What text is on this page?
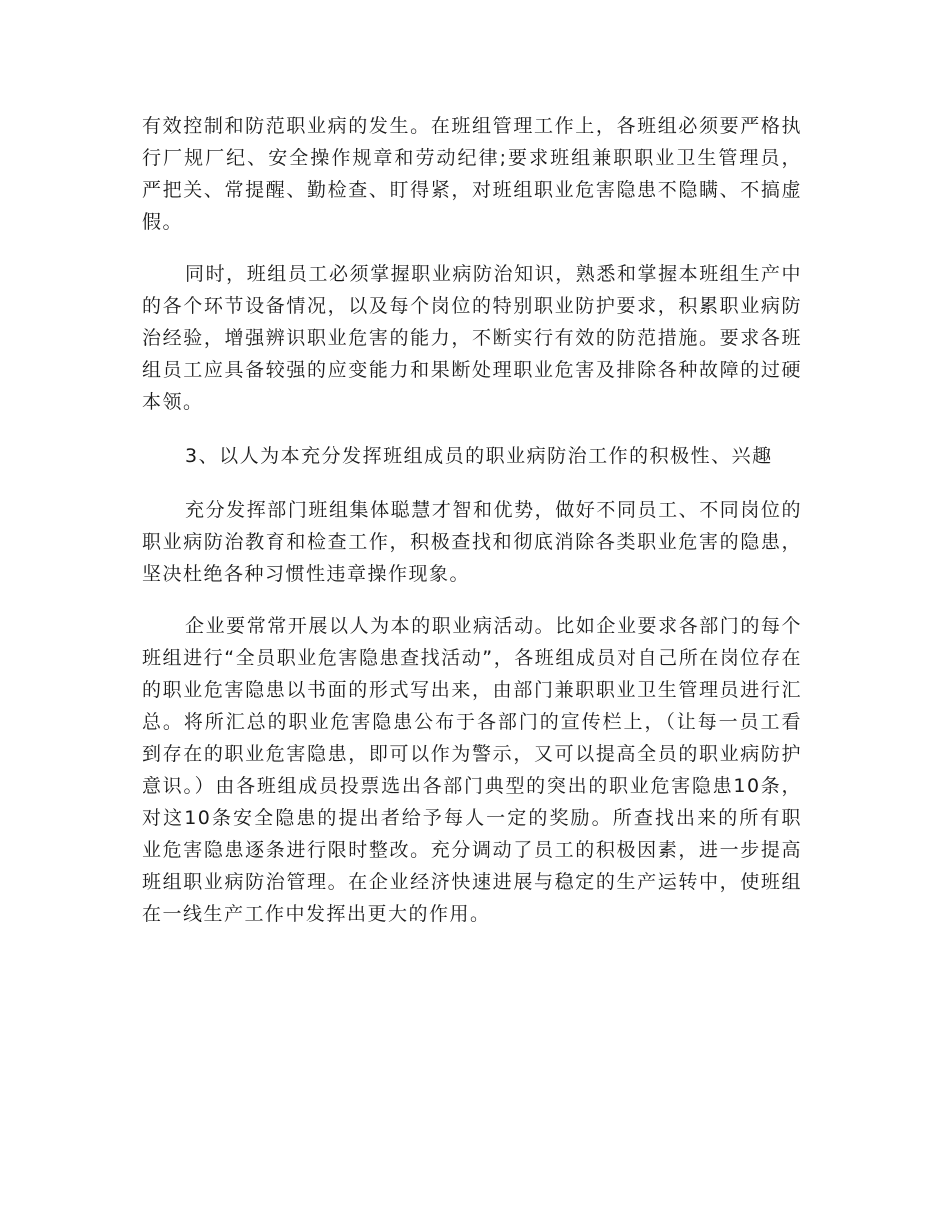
有效控制和防范职业病的发生。在班组管理工作上，各班组必须要严格执行厂规厂纪、安全操作规章和劳动纪律;要求班组兼职职业卫生管理员，严把关、常提醒、勤检查、盯得紧，对班组职业危害隐患不隐瞒、不搞虚假。

同时，班组员工必须掌握职业病防治知识，熟悉和掌握本班组生产中的各个环节设备情况，以及每个岗位的特别职业防护要求，积累职业病防治经验，增强辨识职业危害的能力，不断实行有效的防范措施。要求各班组员工应具备较强的应变能力和果断处理职业危害及排除各种故障的过硬本领。

3、以人为本充分发挥班组成员的职业病防治工作的积极性、兴趣

充分发挥部门班组集体聪慧才智和优势，做好不同员工、不同岗位的职业病防治教育和检查工作，积极查找和彻底消除各类职业危害的隐患，坚决杜绝各种习惯性违章操作现象。

企业要常常开展以人为本的职业病活动。比如企业要求各部门的每个班组进行“全员职业危害隐患查找活动”，各班组成员对自己所在岗位存在的职业危害隐患以书面的形式写出来，由部门兼职职业卫生管理员进行汇总。将所汇总的职业危害隐患公布于各部门的宣传栏上，（让每一员工看到存在的职业危害隐患，即可以作为警示，又可以提高全员的职业病防护意识。）由各班组成员投票选出各部门典型的突出的职业危害隐患10条，对这10条安全隐患的提出者给予每人一定的奖励。所查找出来的所有职业危害隐患逐条进行限时整改。充分调动了员工的积极因素，进一步提高班组职业病防治管理。在企业经济快速进展与稳定的生产运转中，使班组在一线生产工作中发挥出更大的作用。
